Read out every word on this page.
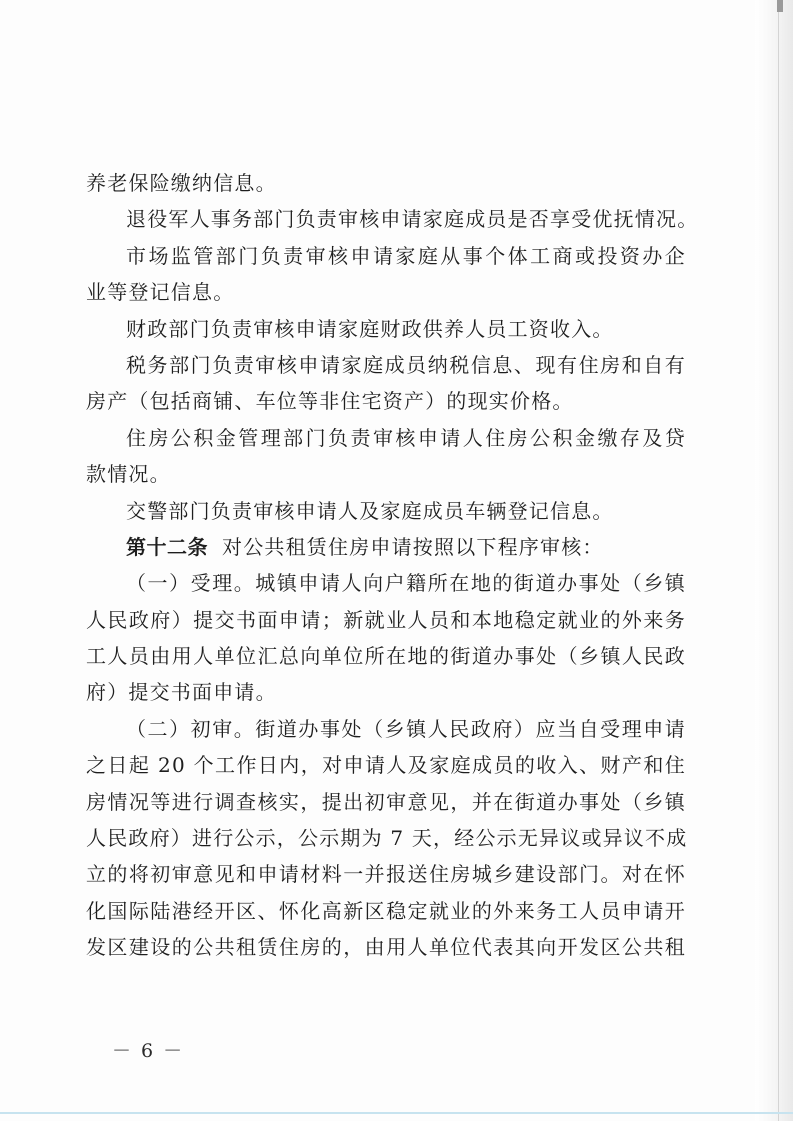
养老保险缴纳信息。
退役军人事务部门负责审核申请家庭成员是否享受优抚情况。
市场监管部门负责审核申请家庭从事个体工商或投资办企
业等登记信息。
财政部门负责审核申请家庭财政供养人员工资收入。
税务部门负责审核申请家庭成员纳税信息、现有住房和自有
房产（包括商铺、车位等非住宅资产）的现实价格。
住房公积金管理部门负责审核申请人住房公积金缴存及贷
款情况。
交警部门负责审核申请人及家庭成员车辆登记信息。
第十二条 对公共租赁住房申请按照以下程序审核：
（一）受理。城镇申请人向户籍所在地的街道办事处（乡镇
人民政府）提交书面申请；新就业人员和本地稳定就业的外来务
工人员由用人单位汇总向单位所在地的街道办事处（乡镇人民政
府）提交书面申请。
（二）初审。街道办事处（乡镇人民政府）应当自受理申请
之日起 20 个工作日内，对申请人及家庭成员的收入、财产和住
房情况等进行调查核实，提出初审意见，并在街道办事处（乡镇
人民政府）进行公示，公示期为 7 天，经公示无异议或异议不成
立的将初审意见和申请材料一并报送住房城乡建设部门。对在怀
化国际陆港经开区、怀化高新区稳定就业的外来务工人员申请开
发区建设的公共租赁住房的，由用人单位代表其向开发区公共租
－ 6 －
